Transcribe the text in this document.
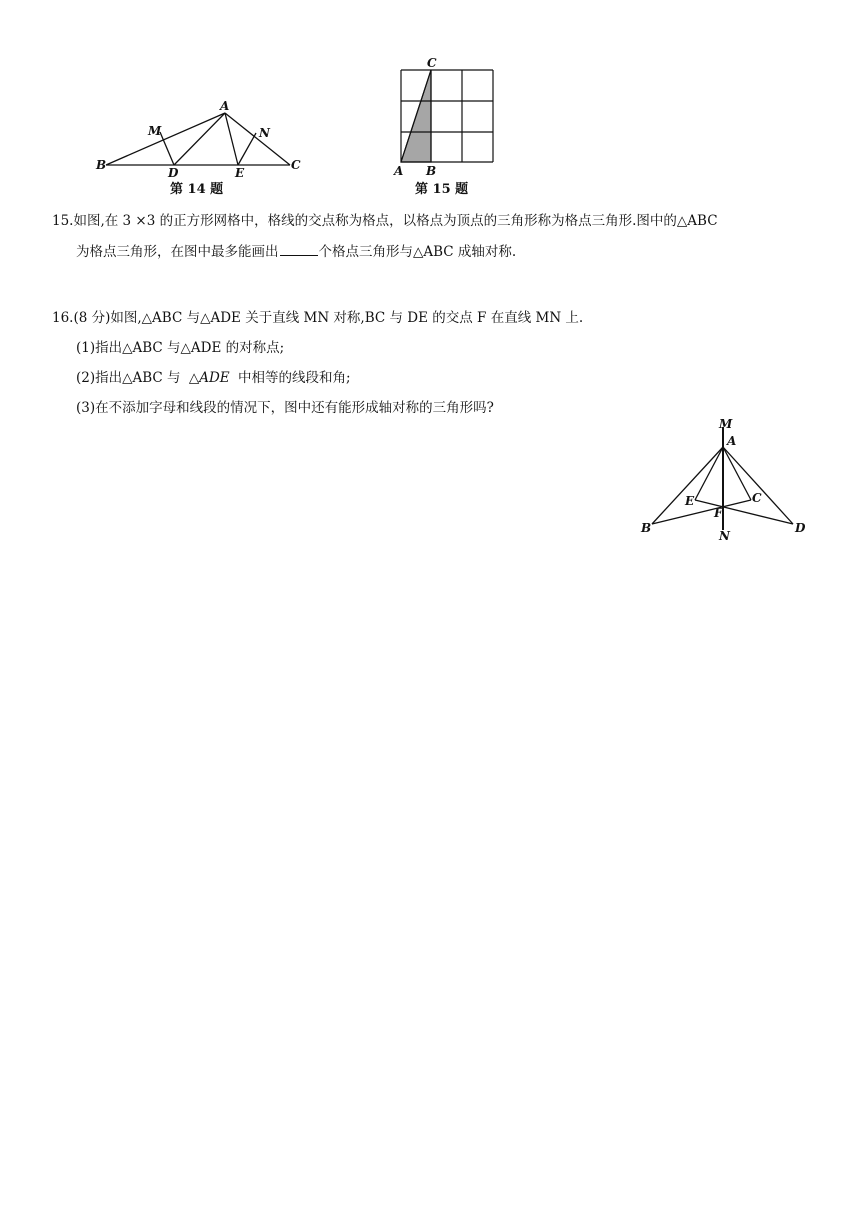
A
B	C
D	E
M	N
第 14 题
C
A B
第 15 题
15.如图,在 3 ×3 的正方形网格中，格线的交点称为格点，以格点为顶点的三角形称为格点三角形.图中的△ABC
为格点三角形，在图中最多能画出	个格点三角形与△ABC 成轴对称.
16.(8 分)如图,△ABC 与△ADE 关于直线 MN 对称,BC 与 DE 的交点 F 在直线 MN 上.
(1)指出△ABC 与△ADE 的对称点;
(2)指出△ABC 与 △ADE 中相等的线段和角;
(3)在不添加字母和线段的情况下，图中还有能形成轴对称的三角形吗?
M
A
E	C
F
B	D
N
